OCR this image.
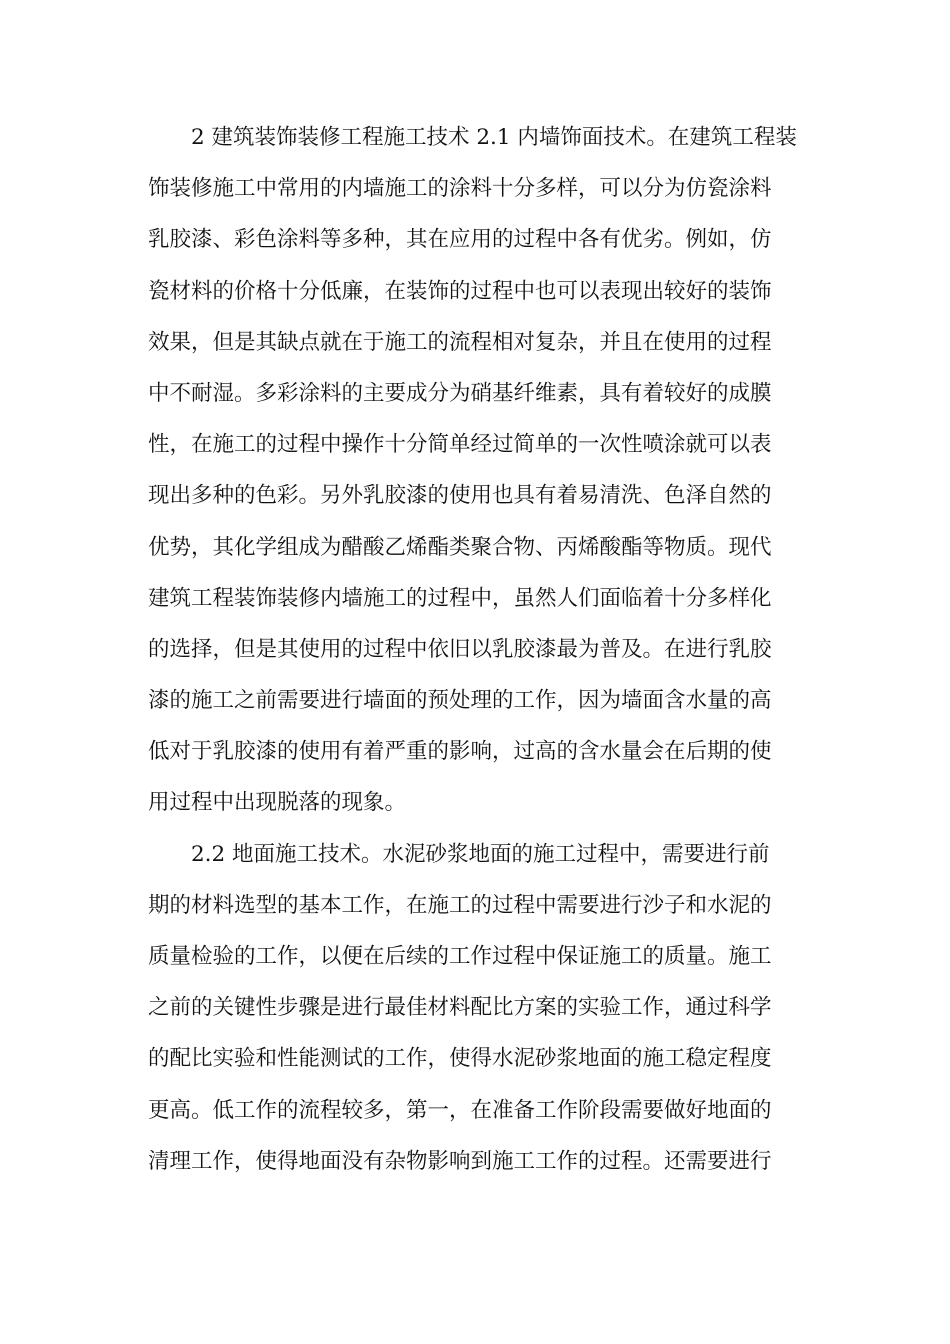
2 建筑装饰装修工程施工技术 2.1 内墙饰面技术。在建筑工程装
饰装修施工中常用的内墙施工的涂料十分多样，可以分为仿瓷涂料
乳胶漆、彩色涂料等多种，其在应用的过程中各有优劣。例如，仿
瓷材料的价格十分低廉，在装饰的过程中也可以表现出较好的装饰
效果，但是其缺点就在于施工的流程相对复杂，并且在使用的过程
中不耐湿。多彩涂料的主要成分为硝基纤维素，具有着较好的成膜
性，在施工的过程中操作十分简单经过简单的一次性喷涂就可以表
现出多种的色彩。另外乳胶漆的使用也具有着易清洗、色泽自然的
优势，其化学组成为醋酸乙烯酯类聚合物、丙烯酸酯等物质。现代
建筑工程装饰装修内墙施工的过程中，虽然人们面临着十分多样化
的选择，但是其使用的过程中依旧以乳胶漆最为普及。在进行乳胶
漆的施工之前需要进行墙面的预处理的工作，因为墙面含水量的高
低对于乳胶漆的使用有着严重的影响，过高的含水量会在后期的使
用过程中出现脱落的现象。
2.2 地面施工技术。水泥砂浆地面的施工过程中，需要进行前
期的材料选型的基本工作，在施工的过程中需要进行沙子和水泥的
质量检验的工作，以便在后续的工作过程中保证施工的质量。施工
之前的关键性步骤是进行最佳材料配比方案的实验工作，通过科学
的配比实验和性能测试的工作，使得水泥砂浆地面的施工稳定程度
更高。低工作的流程较多，第一，在准备工作阶段需要做好地面的
清理工作，使得地面没有杂物影响到施工工作的过程。还需要进行
